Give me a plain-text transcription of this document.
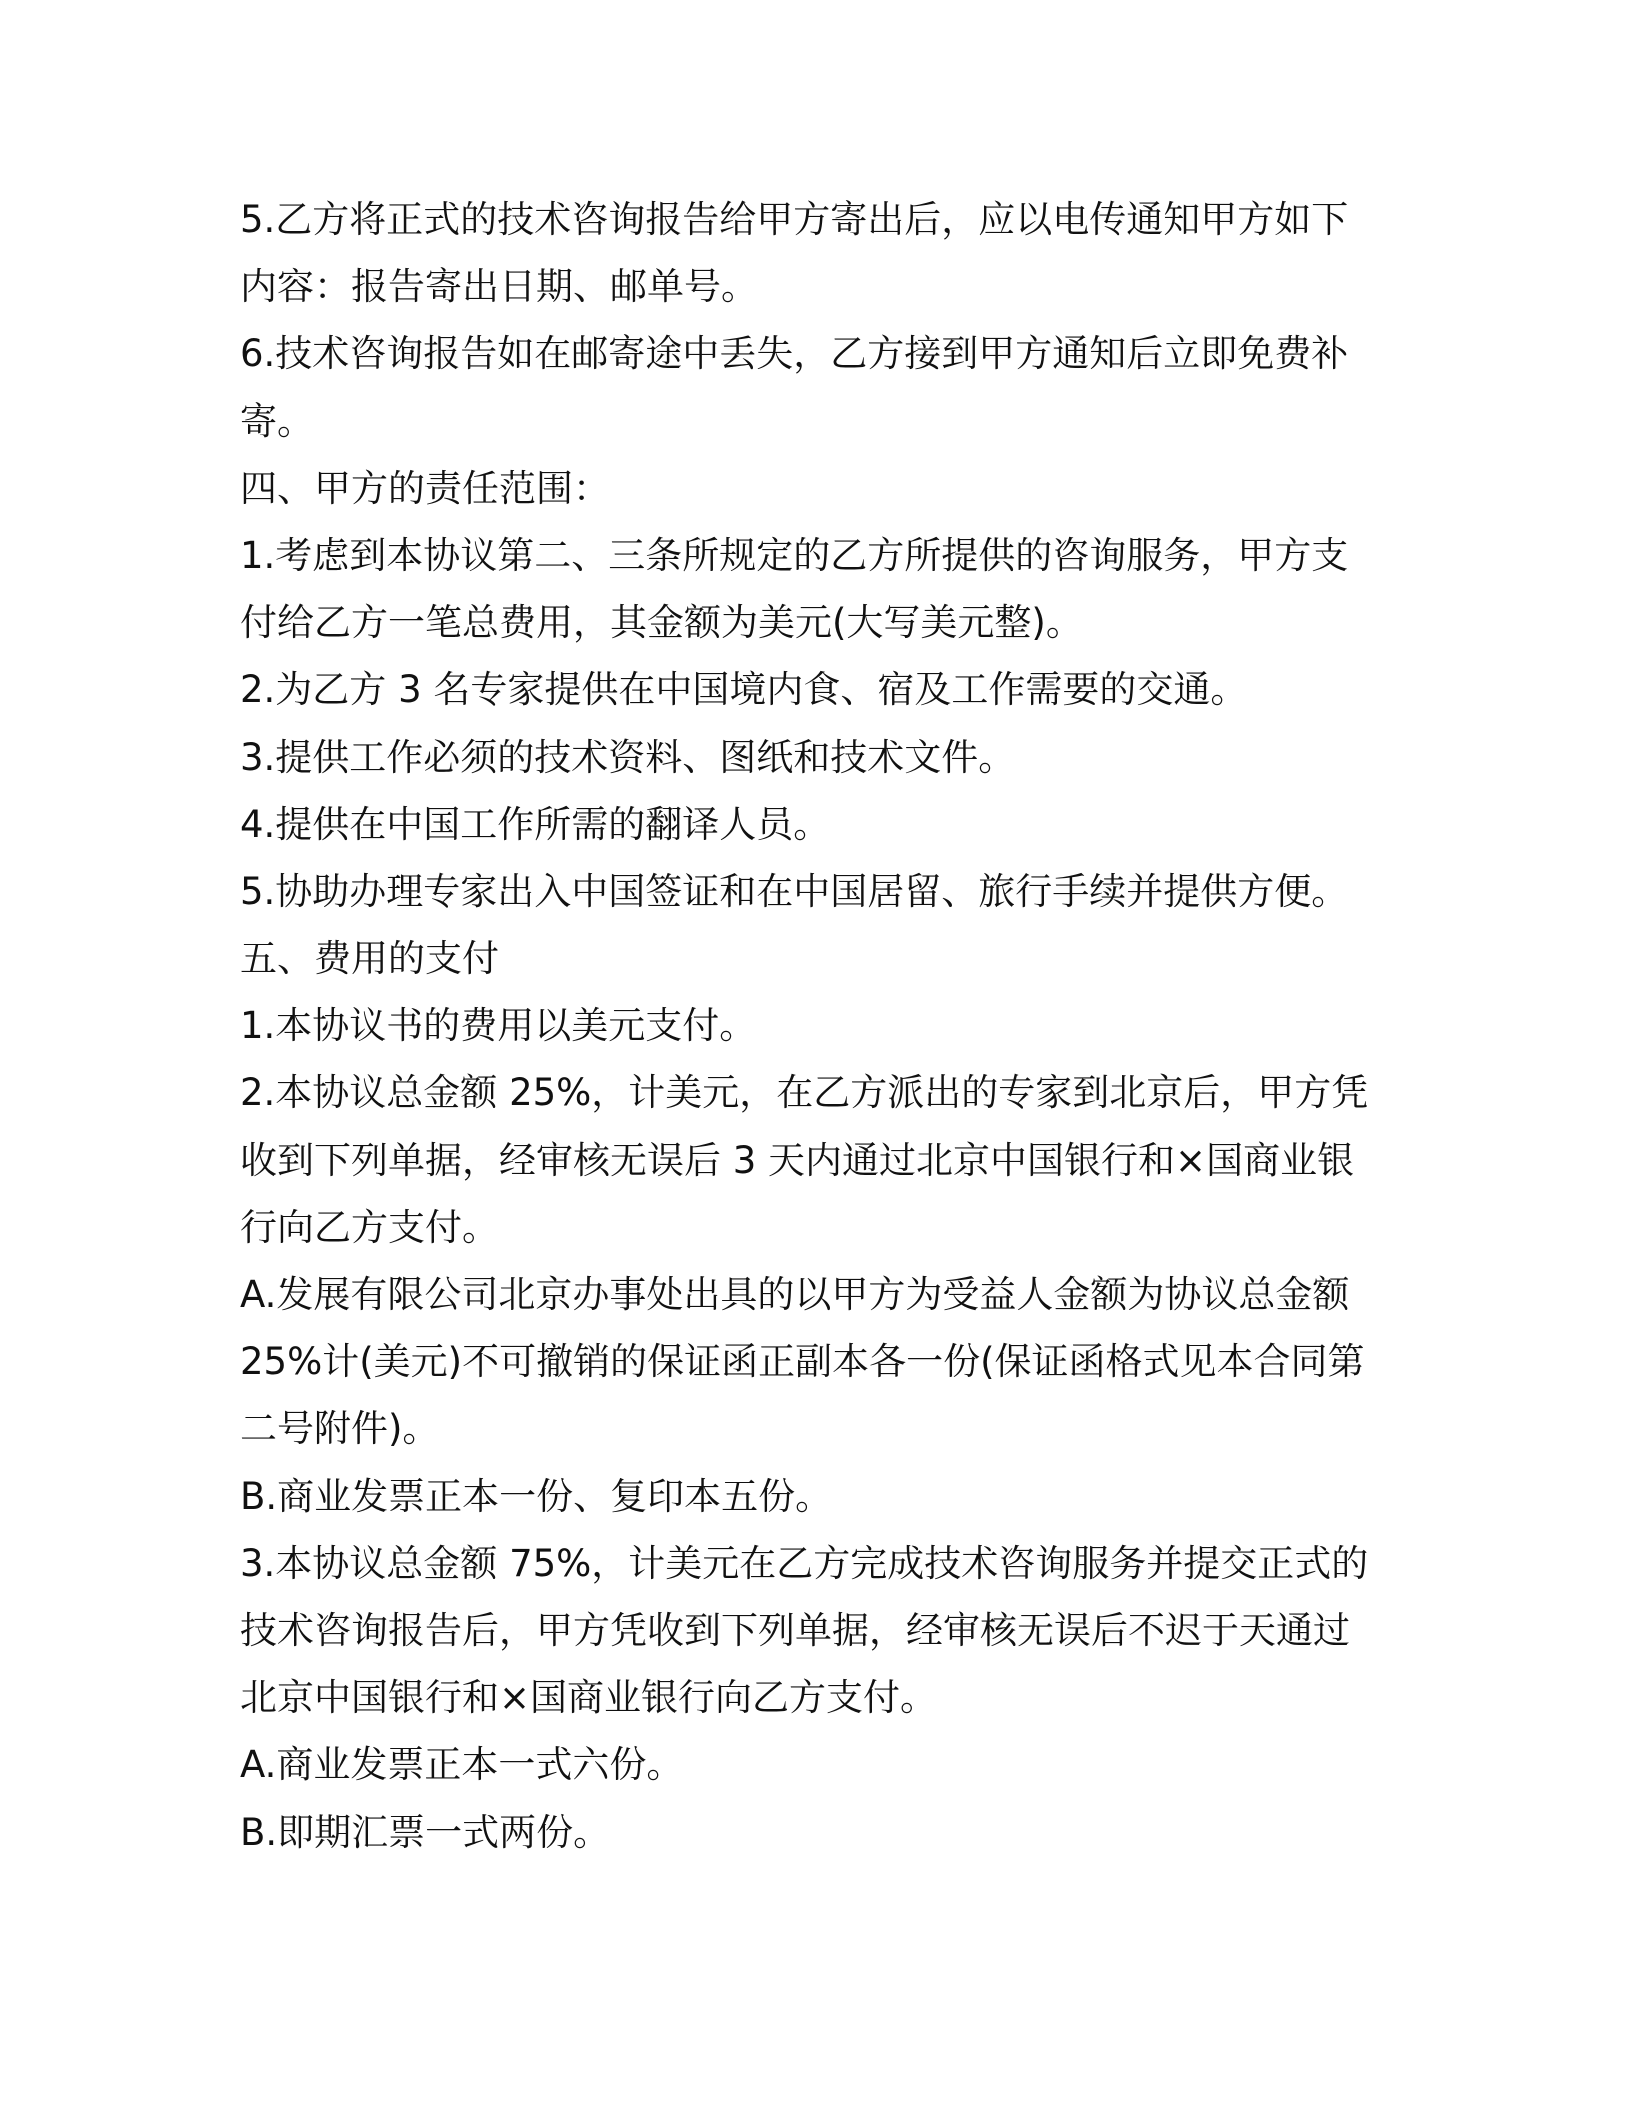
5.乙方将正式的技术咨询报告给甲方寄出后，应以电传通知甲方如下
内容：报告寄出日期、邮单号。
6.技术咨询报告如在邮寄途中丢失，乙方接到甲方通知后立即免费补
寄。
四、甲方的责任范围：
1.考虑到本协议第二、三条所规定的乙方所提供的咨询服务，甲方支
付给乙方一笔总费用，其金额为美元(大写美元整)。
2.为乙方 3 名专家提供在中国境内食、宿及工作需要的交通。
3.提供工作必须的技术资料、图纸和技术文件。
4.提供在中国工作所需的翻译人员。
5.协助办理专家出入中国签证和在中国居留、旅行手续并提供方便。
五、费用的支付
1.本协议书的费用以美元支付。
2.本协议总金额 25%，计美元，在乙方派出的专家到北京后，甲方凭
收到下列单据，经审核无误后 3 天内通过北京中国银行和×国商业银
行向乙方支付。
A.发展有限公司北京办事处出具的以甲方为受益人金额为协议总金额
25%计(美元)不可撤销的保证函正副本各一份(保证函格式见本合同第
二号附件)。
B.商业发票正本一份、复印本五份。
3.本协议总金额 75%，计美元在乙方完成技术咨询服务并提交正式的
技术咨询报告后，甲方凭收到下列单据，经审核无误后不迟于天通过
北京中国银行和×国商业银行向乙方支付。
A.商业发票正本一式六份。
B.即期汇票一式两份。
